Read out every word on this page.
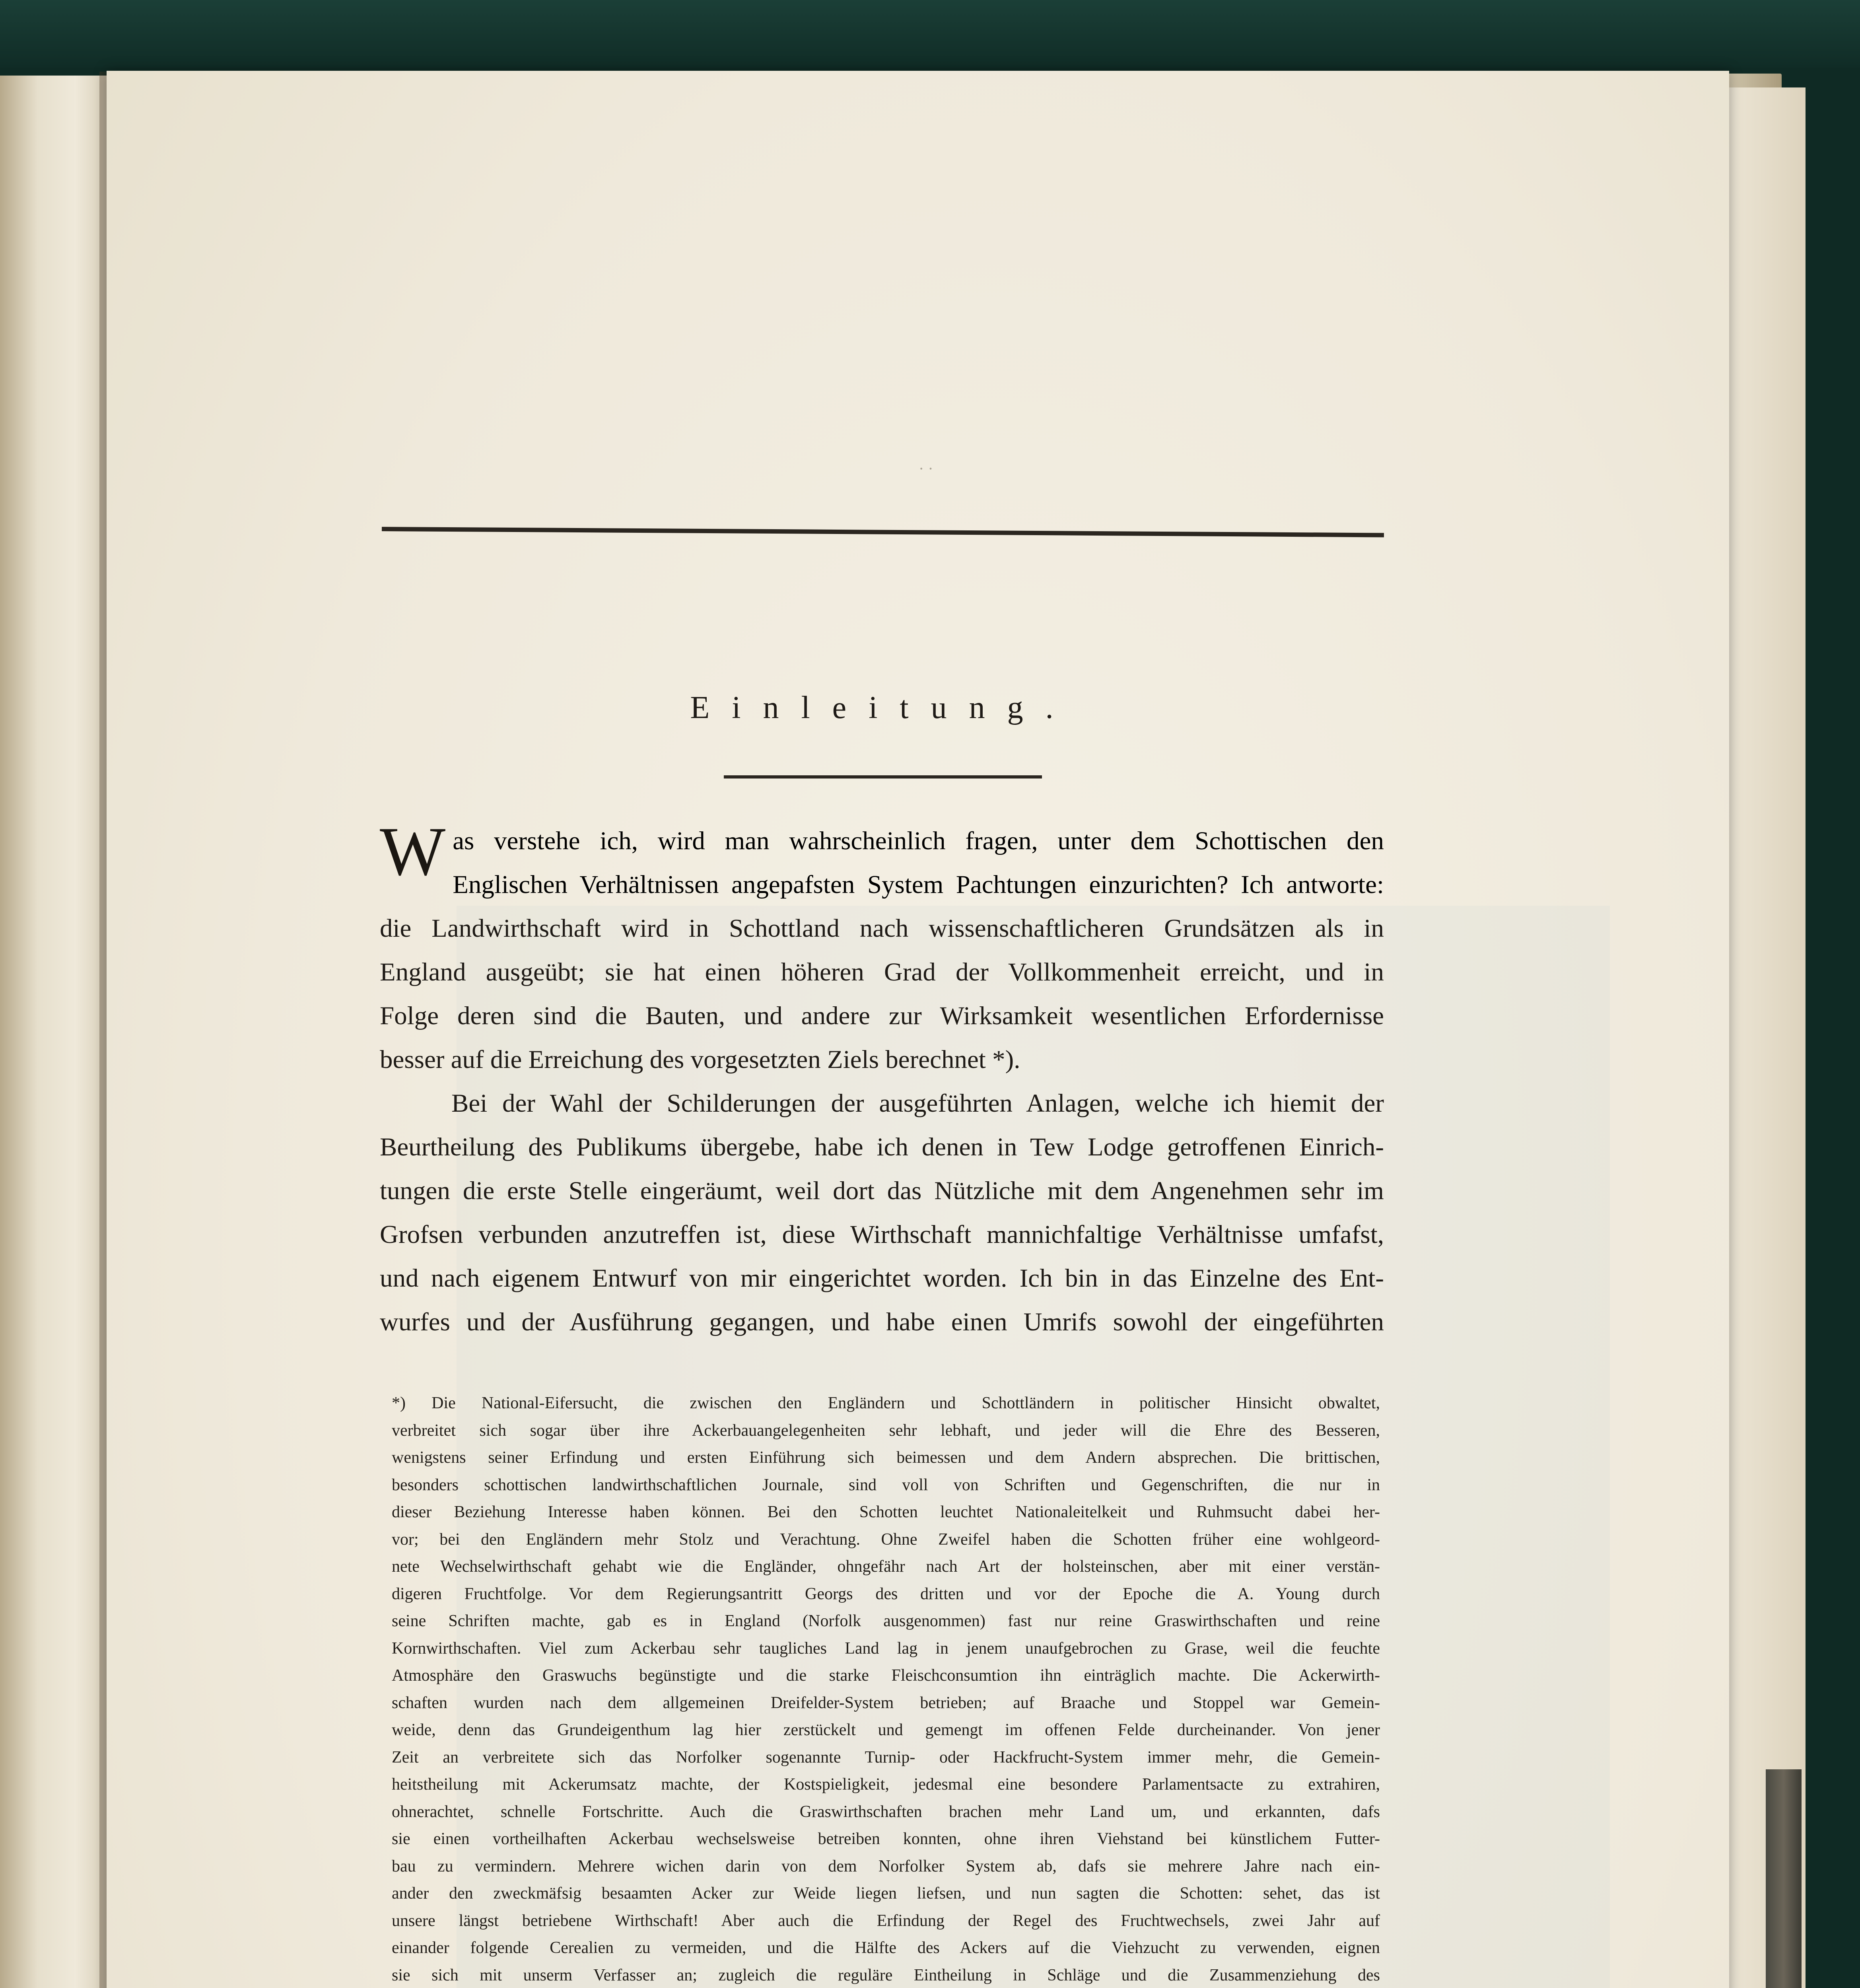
· ·
Einleitung.
W as verstehe ich, wird man wahrscheinlich fragen, unter dem Schottischen den
Englischen Verhältnissen angepafsten System Pachtungen einzurichten? Ich antworte:
die Landwirthschaft wird in Schottland nach wissenschaftlicheren Grundsätzen als in
England ausgeübt; sie hat einen höheren Grad der Vollkommenheit erreicht, und in
Folge deren sind die Bauten, und andere zur Wirksamkeit wesentlichen Erfordernisse
besser auf die Erreichung des vorgesetzten Ziels berechnet *).
Bei der Wahl der Schilderungen der ausgeführten Anlagen, welche ich hiemit der
Beurtheilung des Publikums übergebe, habe ich denen in Tew Lodge getroffenen Einrich-
tungen die erste Stelle eingeräumt, weil dort das Nützliche mit dem Angenehmen sehr im
Grofsen verbunden anzutreffen ist, diese Wirthschaft mannichfaltige Verhältnisse umfafst,
und nach eigenem Entwurf von mir eingerichtet worden. Ich bin in das Einzelne des Ent-
wurfes und der Ausführung gegangen, und habe einen Umrifs sowohl der eingeführten
*) Die National-Eifersucht, die zwischen den Engländern und Schottländern in politischer Hinsicht obwaltet,
verbreitet sich sogar über ihre Ackerbauangelegenheiten sehr lebhaft, und jeder will die Ehre des Besseren,
wenigstens seiner Erfindung und ersten Einführung sich beimessen und dem Andern absprechen. Die brittischen,
besonders schottischen landwirthschaftlichen Journale, sind voll von Schriften und Gegenschriften, die nur in
dieser Beziehung Interesse haben können. Bei den Schotten leuchtet Nationaleitelkeit und Ruhmsucht dabei her-
vor; bei den Engländern mehr Stolz und Verachtung. Ohne Zweifel haben die Schotten früher eine wohlgeord-
nete Wechselwirthschaft gehabt wie die Engländer, ohngefähr nach Art der holsteinschen, aber mit einer verstän-
digeren Fruchtfolge. Vor dem Regierungsantritt Georgs des dritten und vor der Epoche die A. Young durch
seine Schriften machte, gab es in England (Norfolk ausgenommen) fast nur reine Graswirthschaften und reine
Kornwirthschaften. Viel zum Ackerbau sehr taugliches Land lag in jenem unaufgebrochen zu Grase, weil die feuchte
Atmosphäre den Graswuchs begünstigte und die starke Fleischconsumtion ihn einträglich machte. Die Ackerwirth-
schaften wurden nach dem allgemeinen Dreifelder-System betrieben; auf Braache und Stoppel war Gemein-
weide, denn das Grundeigenthum lag hier zerstückelt und gemengt im offenen Felde durcheinander. Von jener
Zeit an verbreitete sich das Norfolker sogenannte Turnip- oder Hackfrucht-System immer mehr, die Gemein-
heitstheilung mit Ackerumsatz machte, der Kostspieligkeit, jedesmal eine besondere Parlamentsacte zu extrahiren,
ohnerachtet, schnelle Fortschritte. Auch die Graswirthschaften brachen mehr Land um, und erkannten, dafs
sie einen vortheilhaften Ackerbau wechselsweise betreiben konnten, ohne ihren Viehstand bei künstlichem Futter-
bau zu vermindern. Mehrere wichen darin von dem Norfolker System ab, dafs sie mehrere Jahre nach ein-
ander den zweckmäfsig besaamten Acker zur Weide liegen liefsen, und nun sagten die Schotten: sehet, das ist
unsere längst betriebene Wirthschaft! Aber auch die Erfindung der Regel des Fruchtwechsels, zwei Jahr auf
einander folgende Cerealien zu vermeiden, und die Hälfte des Ackers auf die Viehzucht zu verwenden, eignen
sie sich mit unserm Verfasser an; zugleich die reguläre Eintheilung in Schläge und die Zusammenziehung des
